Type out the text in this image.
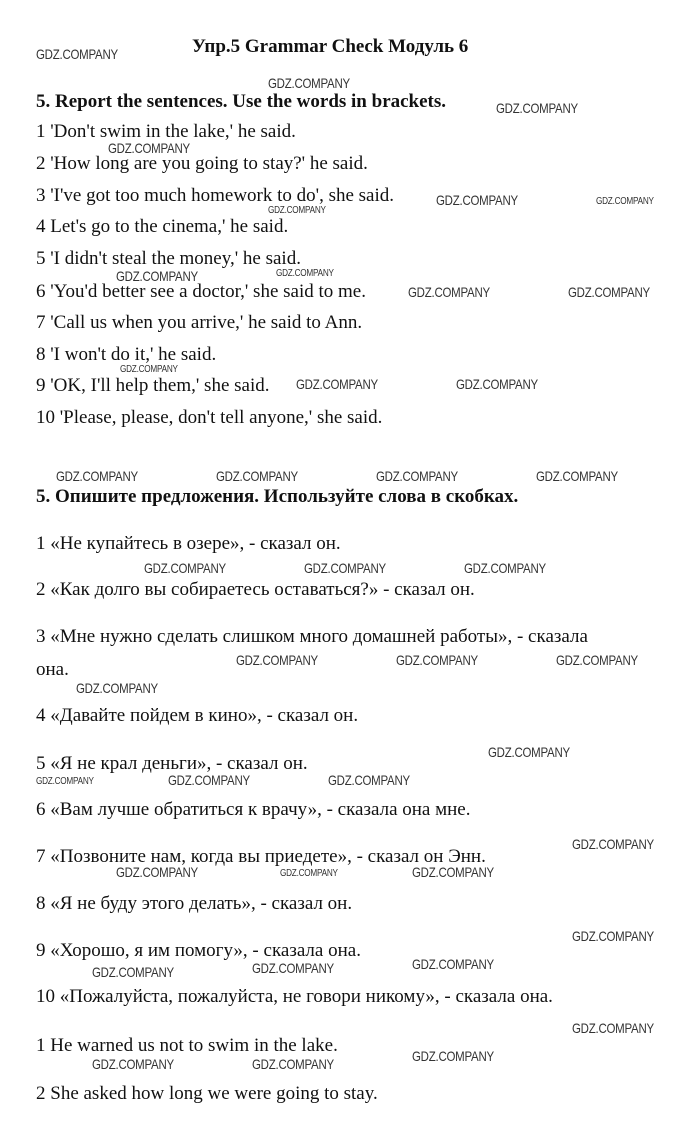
Упр.5 Grammar Check Модуль 6
5. Report the sentences. Use the words in brackets.
1 'Don't swim in the lake,' he said.
2 'How long are you going to stay?' he said.
3 'I've got too much homework to do', she said.
4 Let's go to the cinema,' he said.
5 'I didn't steal the money,' he said.
6 'You'd better see a doctor,' she said to me.
7 'Call us when you arrive,' he said to Ann.
8 'I won't do it,' he said.
9 'OK, I'll help them,' she said.
10 'Please, please, don't tell anyone,' she said.
5. Опишите предложения. Используйте слова в скобках.
1 «Не купайтесь в озере», - сказал он.
2 «Как долго вы собираетесь оставаться?» - сказал он.
3 «Мне нужно сделать слишком много домашней работы», - сказала
она.
4 «Давайте пойдем в кино», - сказал он.
5 «Я не крал деньги», - сказал он.
6 «Вам лучше обратиться к врачу», - сказала она мне.
7 «Позвоните нам, когда вы приедете», - сказал он Энн.
8 «Я не буду этого делать», - сказал он.
9 «Хорошо, я им помогу», - сказала она.
10 «Пожалуйста, пожалуйста, не говори никому», - сказала она.
1 He warned us not to swim in the lake.
2 She asked how long we were going to stay.
GDZ.COMPANY
GDZ.COMPANY
GDZ.COMPANY
GDZ.COMPANY
GDZ.COMPANY	GDZ.COMPANY
GDZ.COMPANY
GDZ.COMPANY	GDZ.COMPANY
GDZ.COMPANY	GDZ.COMPANY
GDZ.COMPANY
GDZ.COMPANY	GDZ.COMPANY
GDZ.COMPANY	GDZ.COMPANY	GDZ.COMPANY	GDZ.COMPANY
GDZ.COMPANY	GDZ.COMPANY	GDZ.COMPANY
GDZ.COMPANY	GDZ.COMPANY	GDZ.COMPANY
GDZ.COMPANY
GDZ.COMPANY
GDZ.COMPANY	GDZ.COMPANY	GDZ.COMPANY
GDZ.COMPANY
GDZ.COMPANY	GDZ.COMPANY	GDZ.COMPANY
GDZ.COMPANY
GDZ.COMPANY	GDZ.COMPANY
GDZ.COMPANY
GDZ.COMPANY
GDZ.COMPANY
GDZ.COMPANY	GDZ.COMPANY
